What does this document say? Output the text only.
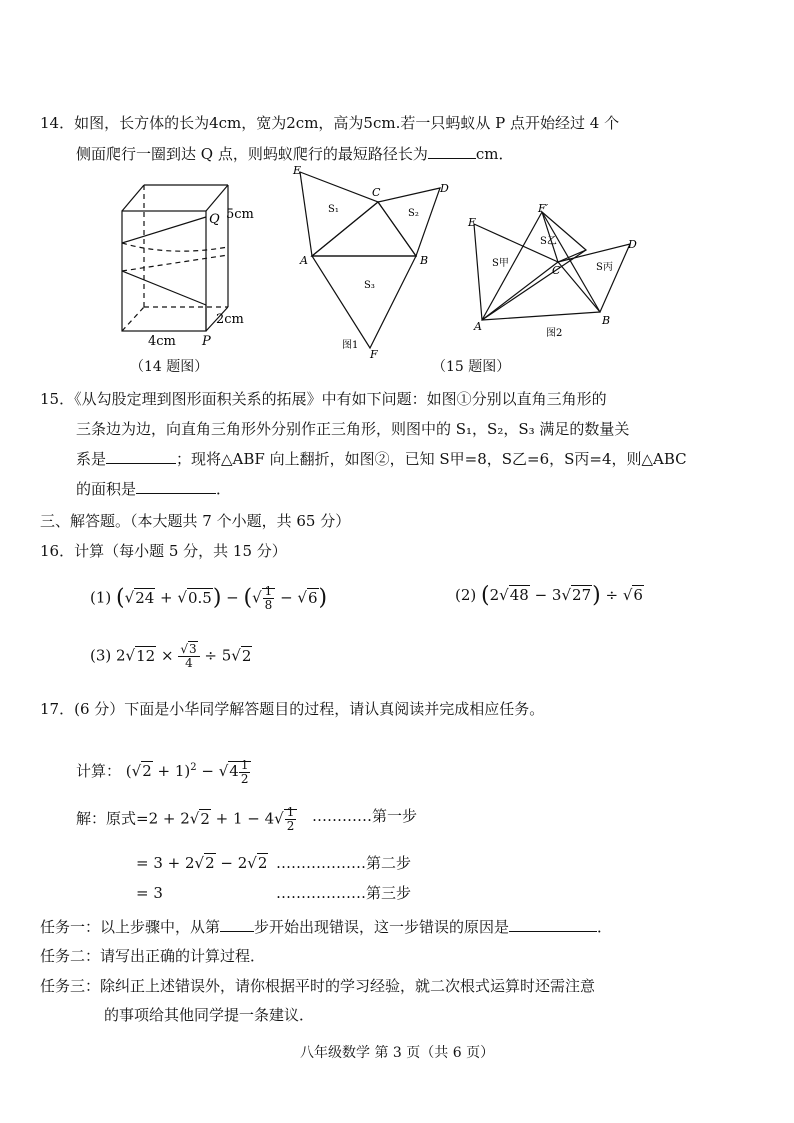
14．如图，长方体的长为4cm，宽为2cm，高为5cm.若一只蚂蚁从 P 点开始经过 4 个
侧面爬行一圈到达 Q 点，则蚂蚁爬行的最短路径长为	cm．
Q 5cm
2cm
4cm P
（14 题图）
E
C	D
A	B
F
S₁	S₂
S₃
图1
E
F′
C
D
A	B
S甲
S乙
S丙
图2
（15 题图）
15．《从勾股定理到图形面积关系的拓展》中有如下问题：如图①分别以直角三角形的
三条边为边，向直角三角形外分别作正三角形，则图中的 S₁，S₂，S₃ 满足的数量关
系是	；现将△ABF 向上翻折，如图②，已知 S甲=8，S乙=6，S丙=4，则△ABC
的面积是	．
三、解答题。（本大题共 7 个小题，共 65 分）
16．计算（每小题 5 分，共 15 分）
(1) (√24 + √0.5) − (√ $\frac{1}{8} - √6$)	(2) (2√48 − 3√27) ÷ √6
(3) $2√12 \times \frac{√3}{4} \div 5√2$
17．(6 分）下面是小华同学解答题目的过程，请认真阅读并完成相应任务。
计算： $(√2 + 1)^2 - √4 \frac{1}{2}$
解：原式$=2 + 2√2 + 1 - 4√ \frac{1}{2}$ …………第一步
= 3 + 2√2 − 2√2 ………………第二步
= 3	………………第三步
任务一：以上步骤中，从第 步开始出现错误，这一步错误的原因是	．
任务二：请写出正确的计算过程．
任务三：除纠正上述错误外，请你根据平时的学习经验，就二次根式运算时还需注意
的事项给其他同学提一条建议．
八年级数学 第 3 页（共 6 页）
